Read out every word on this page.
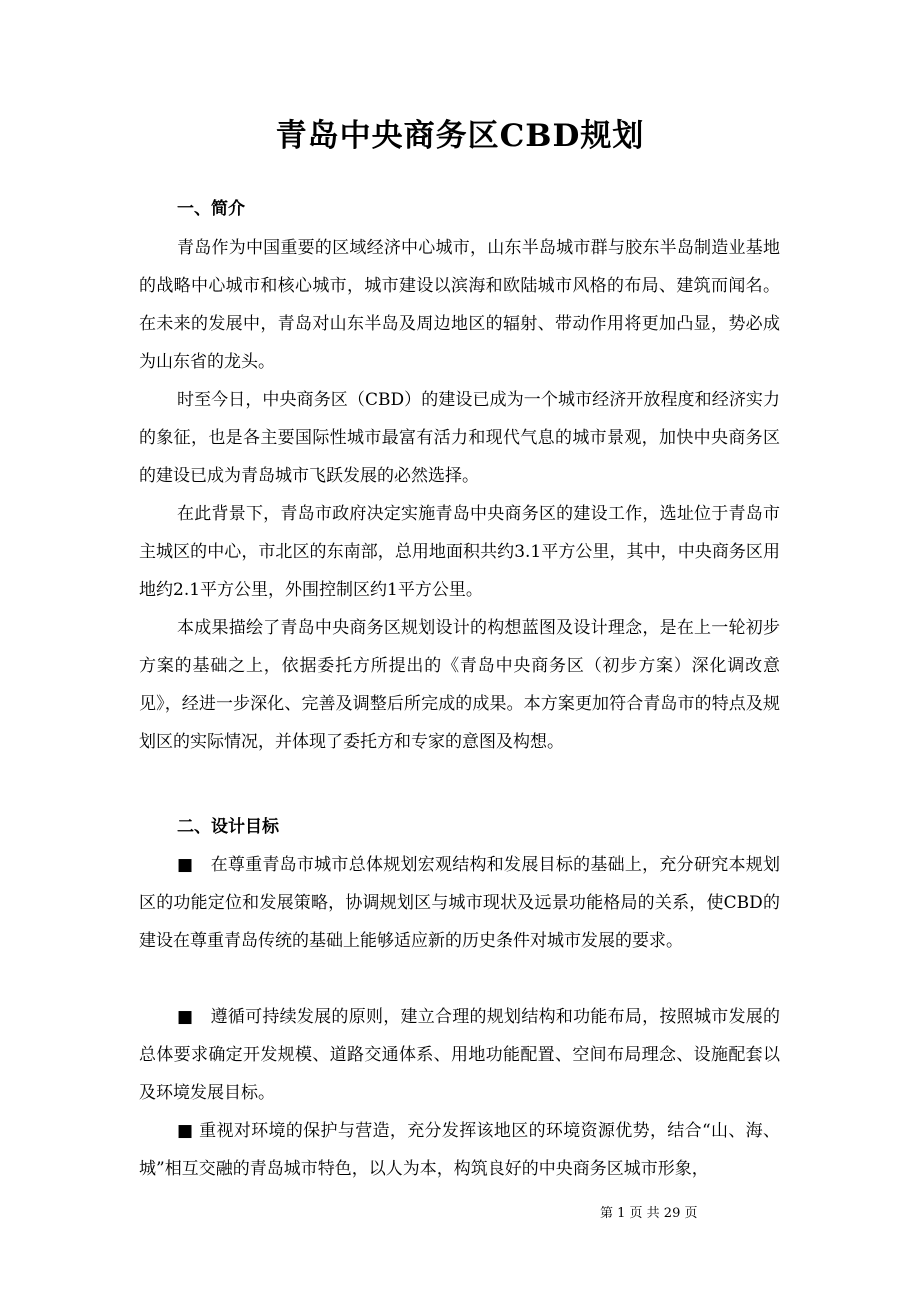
青岛中央商务区CBD规划
一、简介

青岛作为中国重要的区域经济中心城市，山东半岛城市群与胶东半岛制造业基地的战略中心城市和核心城市，城市建设以滨海和欧陆城市风格的布局、建筑而闻名。在未来的发展中，青岛对山东半岛及周边地区的辐射、带动作用将更加凸显，势必成为山东省的龙头。

时至今日，中央商务区（CBD）的建设已成为一个城市经济开放程度和经济实力的象征，也是各主要国际性城市最富有活力和现代气息的城市景观，加快中央商务区的建设已成为青岛城市飞跃发展的必然选择。

在此背景下，青岛市政府决定实施青岛中央商务区的建设工作，选址位于青岛市主城区的中心，市北区的东南部，总用地面积共约3.1平方公里，其中，中央商务区用地约2.1平方公里，外围控制区约1平方公里。

本成果描绘了青岛中央商务区规划设计的构想蓝图及设计理念，是在上一轮初步方案的基础之上，依据委托方所提出的《青岛中央商务区（初步方案）深化调改意见》，经进一步深化、完善及调整后所完成的成果。本方案更加符合青岛市的特点及规划区的实际情况，并体现了委托方和专家的意图及构想。

二、设计目标

■　在尊重青岛市城市总体规划宏观结构和发展目标的基础上，充分研究本规划区的功能定位和发展策略，协调规划区与城市现状及远景功能格局的关系，使CBD的建设在尊重青岛传统的基础上能够适应新的历史条件对城市发展的要求。

■　遵循可持续发展的原则，建立合理的规划结构和功能布局，按照城市发展的总体要求确定开发规模、道路交通体系、用地功能配置、空间布局理念、设施配套以及环境发展目标。

■ 重视对环境的保护与营造，充分发挥该地区的环境资源优势，结合“山、海、城”相互交融的青岛城市特色，以人为本，构筑良好的中央商务区城市形象，

第 1 页 共 29 页
